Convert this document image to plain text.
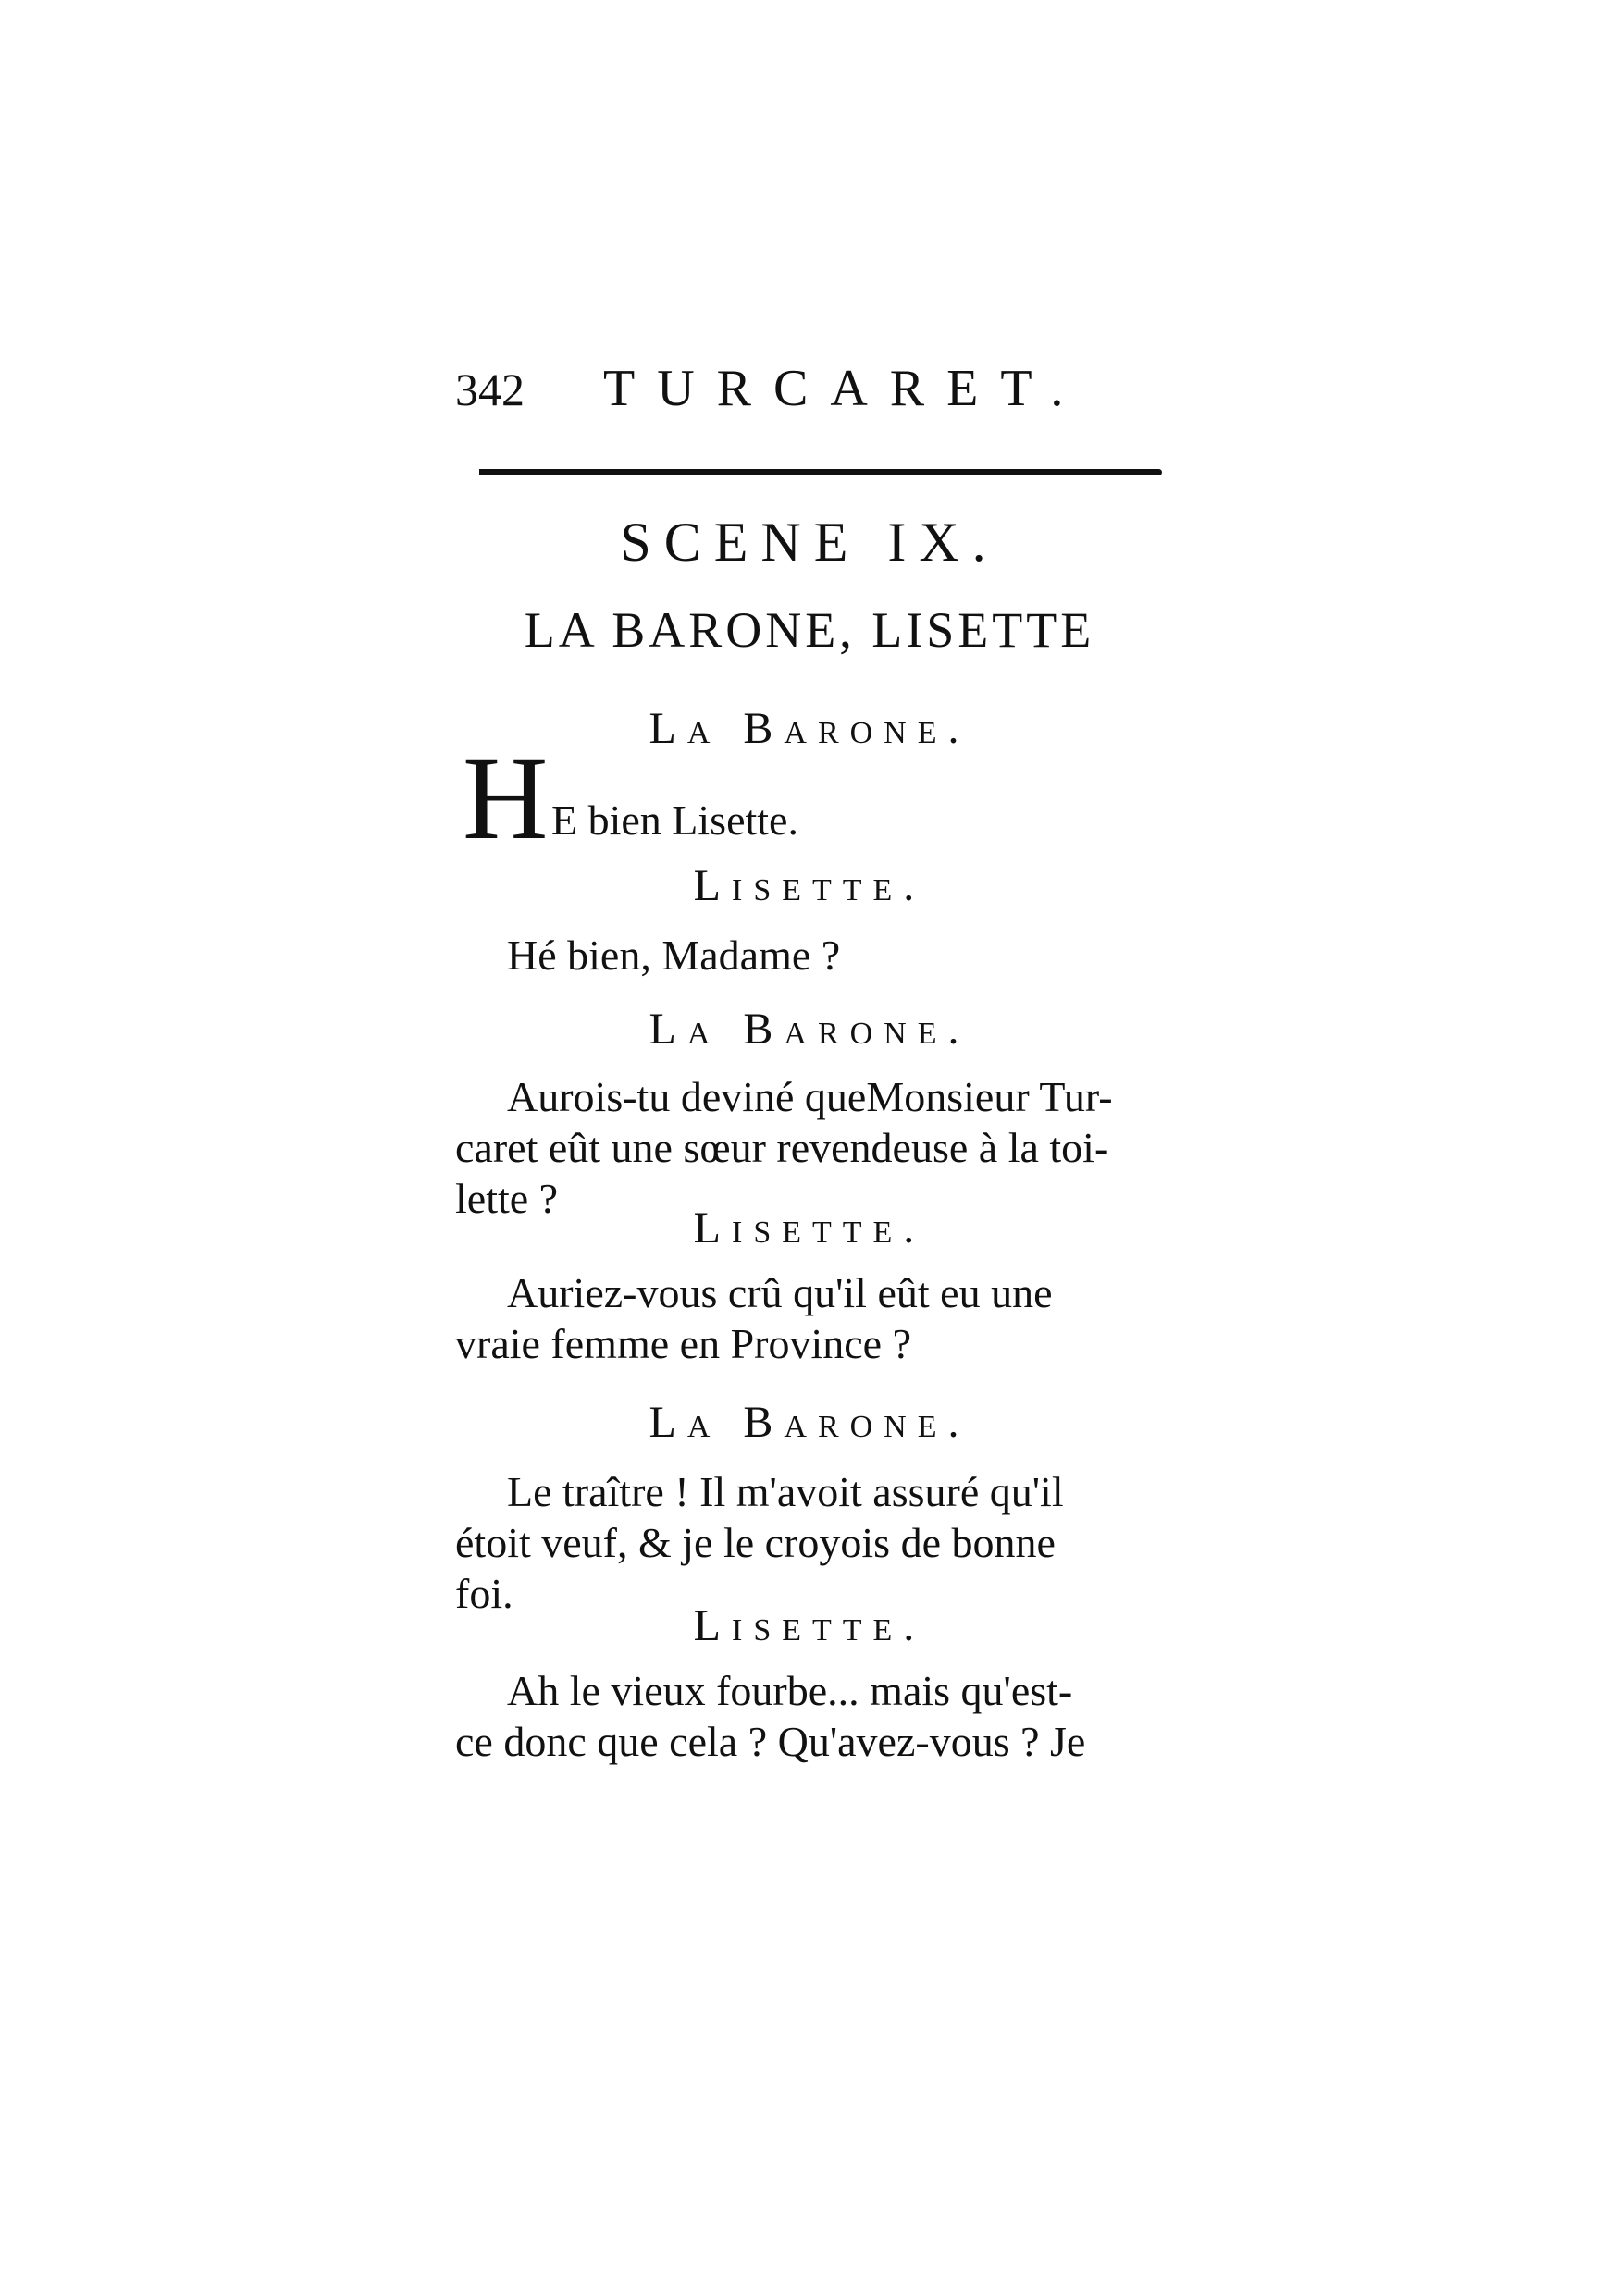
342 TURCARET.
SCENE IX.
LA BARONE, LISETTE
La Barone.
H E bien Lisette.
Lisette.
Hé bien, Madame ?
La Barone.
Aurois-tu deviné queMonsieur Tur-
caret eût une sœur revendeuse à la toi-
lette ?
Lisette.
Auriez-vous crû qu'il eût eu une
vraie femme en Province ?
La Barone.
Le traître ! Il m'avoit assuré qu'il
étoit veuf, & je le croyois de bonne
foi.
Lisette.
Ah le vieux fourbe... mais qu'est-
ce donc que cela ? Qu'avez-vous ? Je
